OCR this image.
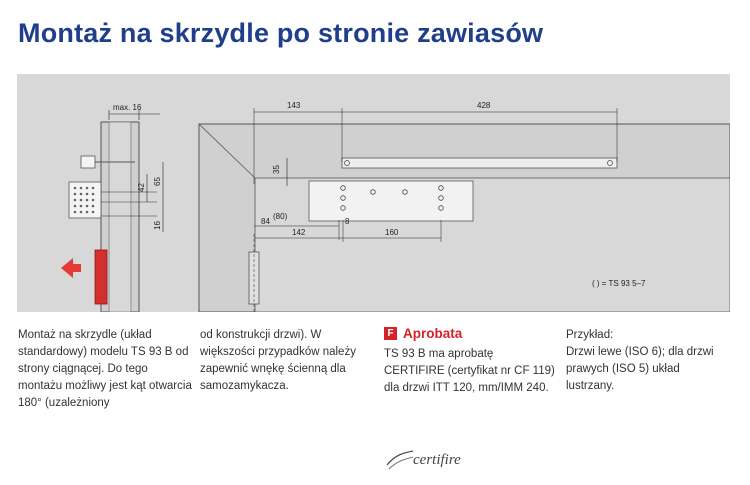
Montaż na skrzydle po stronie zawiasów
max. 16	143	428
35
42
65
16	84
(80)
142
8
160
( ) = TS 93 5–7

Montaż na skrzydle (układ standardowy) modelu TS 93 B od strony ciągnącej. Do tego montażu możliwy jest kąt otwarcia 180° (uzależniony

od konstrukcji drzwi). W większości przypadków należy zapewnić wnękę ścienną dla samozamykacza.

F Aprobata

TS 93 B ma aprobatę CERTIFIRE (certyfikat nr CF 119) dla drzwi ITT 120, mm/IMM 240.

Przykład:

Drzwi lewe (ISO 6); dla drzwi prawych (ISO 5) układ lustrzany.

certifire
